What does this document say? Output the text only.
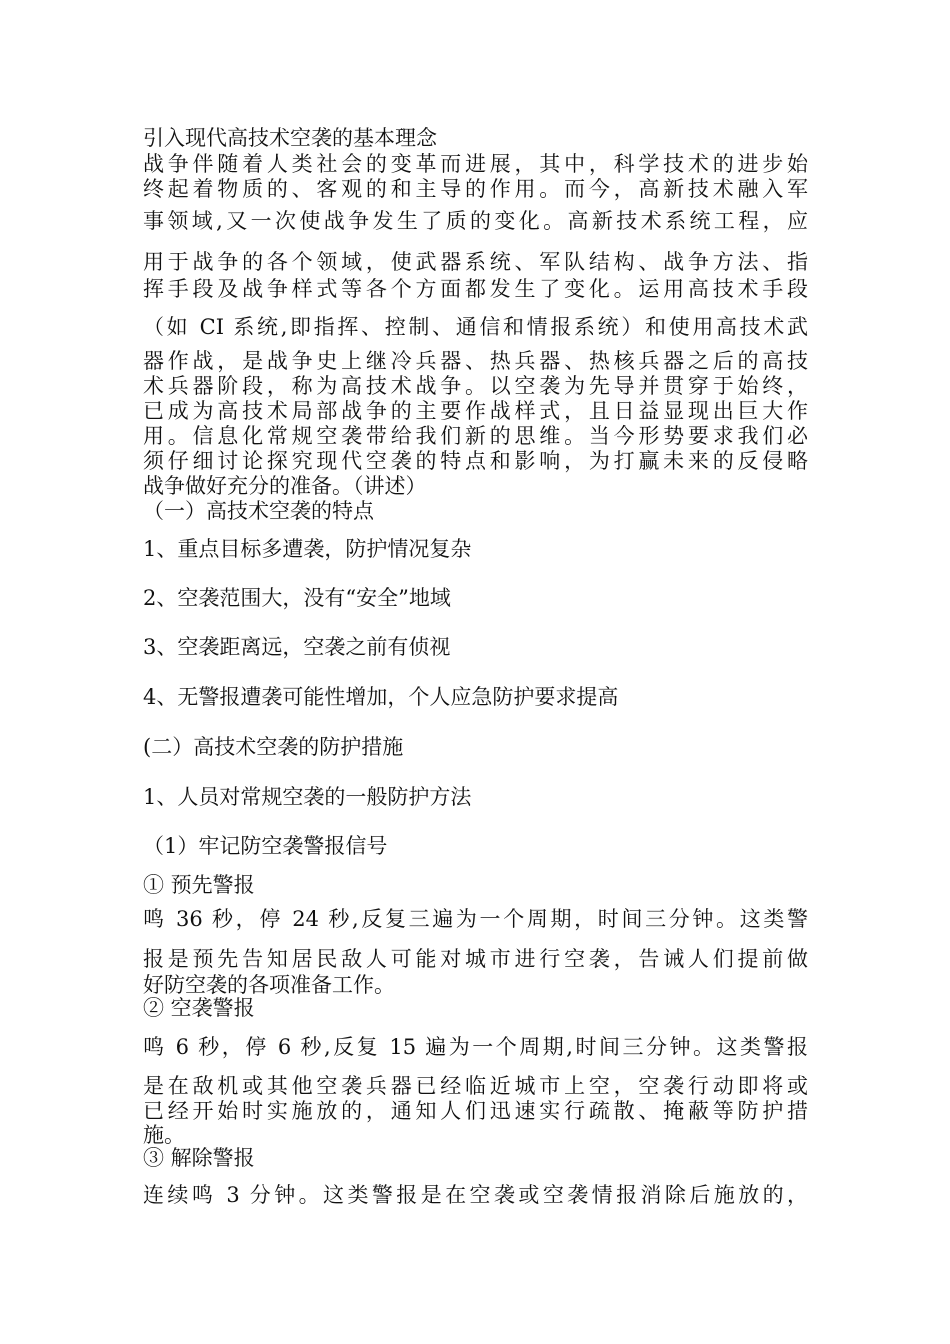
引入现代高技术空袭的基本理念
战争伴随着人类社会的变革而进展，其中，科学技术的进步始
终起着物质的、客观的和主导的作用。而今，高新技术融入军
事领域,又一次使战争发生了质的变化。高新技术系统工程，应
用于战争的各个领域，使武器系统、军队结构、战争方法、指
挥手段及战争样式等各个方面都发生了变化。运用高技术手段
（如 CI 系统,即指挥、控制、通信和情报系统）和使用高技术武
器作战，是战争史上继冷兵器、热兵器、热核兵器之后的高技
术兵器阶段，称为高技术战争。以空袭为先导并贯穿于始终，
已成为高技术局部战争的主要作战样式，且日益显现出巨大作
用。信息化常规空袭带给我们新的思维。当今形势要求我们必
须仔细讨论探究现代空袭的特点和影响，为打赢未来的反侵略
战争做好充分的准备。（讲述）
（一）高技术空袭的特点
1、重点目标多遭袭，防护情况复杂
2、空袭范围大，没有“安全”地域
3、空袭距离远，空袭之前有侦视
4、无警报遭袭可能性增加，个人应急防护要求提高
(二）高技术空袭的防护措施
1、人员对常规空袭的一般防护方法
（1）牢记防空袭警报信号
① 预先警报
鸣 36 秒，停 24 秒,反复三遍为一个周期，时间三分钟。这类警
报是预先告知居民敌人可能对城市进行空袭，告诫人们提前做
好防空袭的各项准备工作。
② 空袭警报
鸣 6 秒，停 6 秒,反复 15 遍为一个周期,时间三分钟。这类警报
是在敌机或其他空袭兵器已经临近城市上空，空袭行动即将或
已经开始时实施放的，通知人们迅速实行疏散、掩蔽等防护措
施。
③ 解除警报
连续鸣 3 分钟。这类警报是在空袭或空袭情报消除后施放的，
